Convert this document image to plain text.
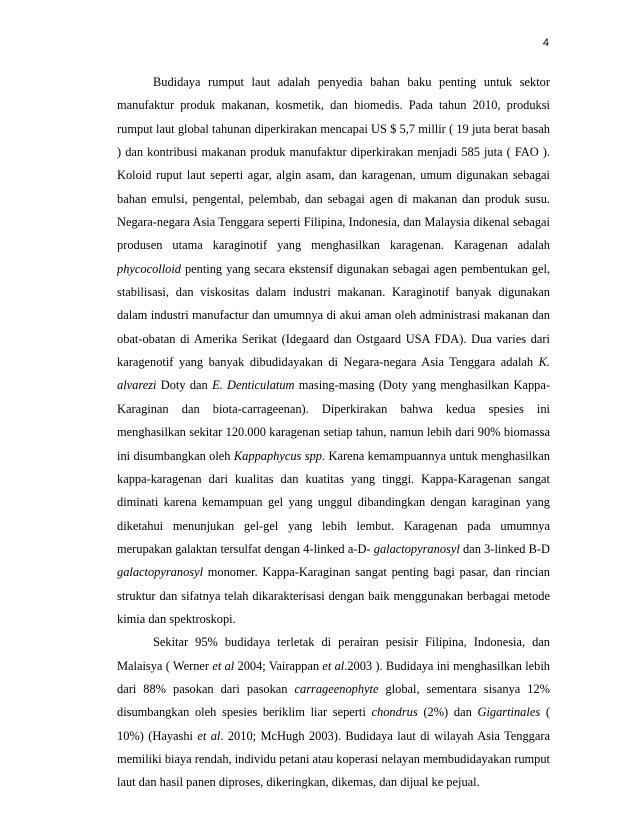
4

Budidaya rumput laut adalah penyedia bahan baku penting untuk sektor manufaktur produk makanan, kosmetik, dan biomedis. Pada tahun 2010, produksi rumput laut global tahunan diperkirakan mencapai US $ 5,7 millir ( 19 juta berat basah ) dan kontribusi makanan produk manufaktur diperkirakan menjadi 585 juta ( FAO ). Koloid ruput laut seperti agar, algin asam, dan karagenan, umum digunakan sebagai bahan emulsi, pengental, pelembab, dan sebagai agen di makanan dan produk susu. Negara-negara Asia Tenggara seperti Filipina, Indonesia, dan Malaysia dikenal sebagai produsen utama karaginotif yang menghasilkan karagenan. Karagenan adalah phycocolloid penting yang secara ekstensif digunakan sebagai agen pembentukan gel, stabilisasi, dan viskositas dalam industri makanan. Karaginotif banyak digunakan dalam industri manufactur dan umumnya di akui aman oleh administrasi makanan dan obat-obatan di Amerika Serikat (Idegaard dan Ostgaard USA FDA). Dua varies dari karagenotif yang banyak dibudidayakan di Negara-negara Asia Tenggara adalah K. alvarezi Doty dan E. Denticulatum masing-masing (Doty yang menghasilkan Kappa-Karaginan dan biota-carrageenan). Diperkirakan bahwa kedua spesies ini menghasilkan sekitar 120.000 karagenan setiap tahun, namun lebih dari 90% biomassa ini disumbangkan oleh Kappaphycus spp. Karena kemampuannya untuk menghasilkan kappa-karagenan dari kualitas dan kuatitas yang tinggi. Kappa-Karagenan sangat diminati karena kemampuan gel yang unggul dibandingkan dengan karaginan yang diketahui menunjukan gel-gel yang lebih lembut. Karagenan pada umumnya merupakan galaktan tersulfat dengan 4-linked a-D- galactopyranosyl dan 3-linked B-D galactopyranosyl monomer. Kappa-Karaginan sangat penting bagi pasar, dan rincian struktur dan sifatnya telah dikarakterisasi dengan baik menggunakan berbagai metode kimia dan spektroskopi.

Sekitar 95% budidaya terletak di perairan pesisir Filipina, Indonesia, dan Malaisya ( Werner et al 2004; Vairappan et al.2003 ). Budidaya ini menghasilkan lebih dari 88% pasokan dari pasokan carrageenophyte global, sementara sisanya 12% disumbangkan oleh spesies beriklim liar seperti chondrus (2%) dan Gigartinales ( 10%) (Hayashi et al. 2010; McHugh 2003). Budidaya laut di wilayah Asia Tenggara memiliki biaya rendah, individu petani atau koperasi nelayan membudidayakan rumput laut dan hasil panen diproses, dikeringkan, dikemas, dan dijual ke pejual.
